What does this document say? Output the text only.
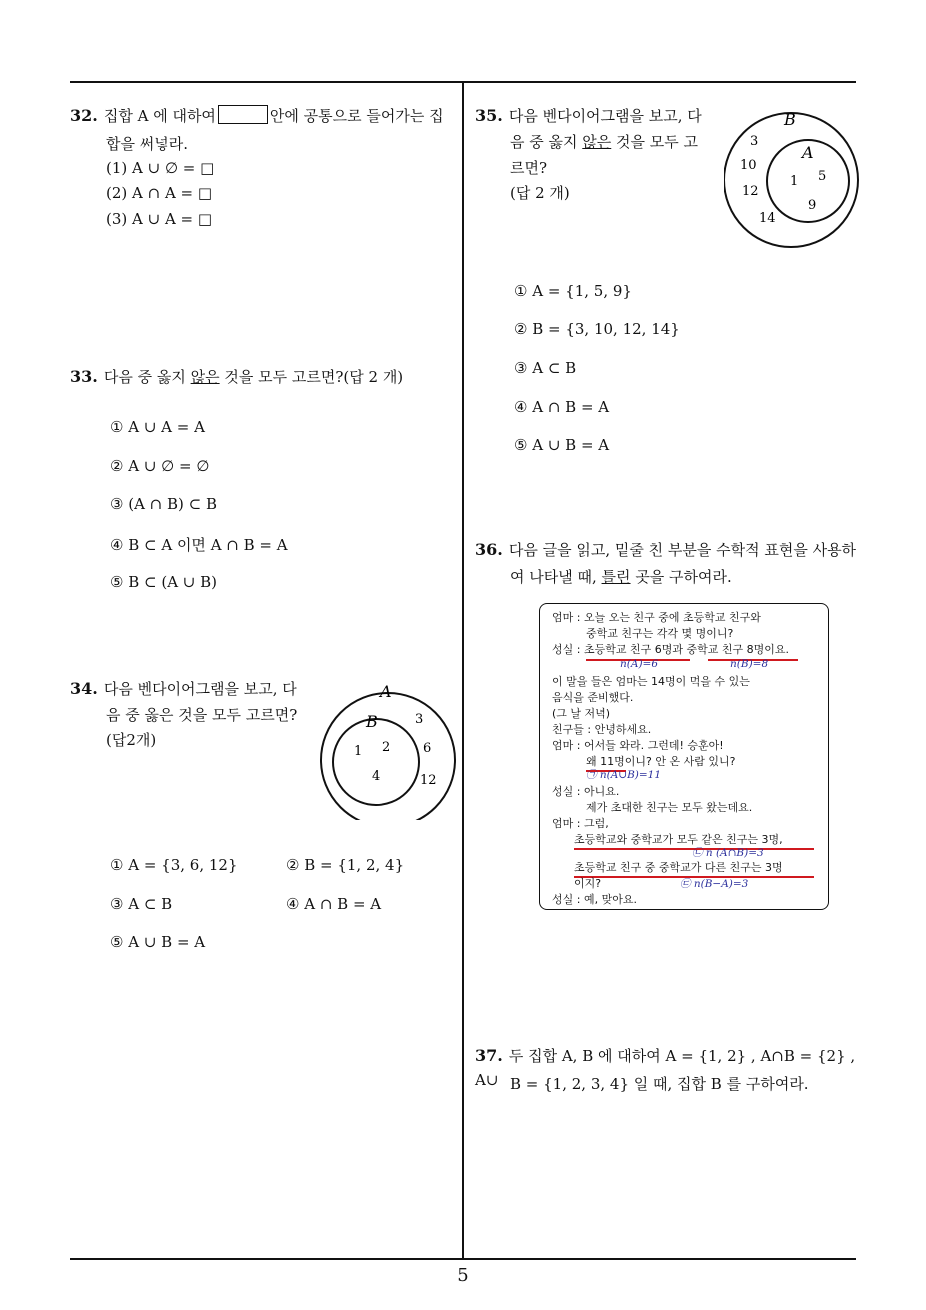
32. 집합 A 에 대하여	안에 공통으로 들어가는 집
합을 써넣라.
(1) A ∪ ∅ = □
(2) A ∩ A = □
(3) A ∪ A = □
33. 다음 중 옳지 않은 것을 모두 고르면?(답 2 개)
① A ∪ A = A
② A ∪ ∅ = ∅
③ (A ∩ B) ⊂ B
④ B ⊂ A 이면 A ∩ B = A
⑤ B ⊂ (A ∪ B)
34. 다음 벤다이어그램을 보고, 다
음 중 옳은 것을 모두 고르면?
(답2개)
A
B
1 2
4
3
6
12
① A = {3, 6, 12}	② B = {1, 2, 4}
③ A ⊂ B	④ A ∩ B = A
⑤ A ∪ B = A
35. 다음 벤다이어그램을 보고, 다
음 중 옳지 않은 것을 모두 고
르면?
(답 2 개)
B
A
1 5
9
3
10
12
14
① A = {1, 5, 9}
② B = {3, 10, 12, 14}
③ A ⊂ B
④ A ∩ B = A
⑤ A ∪ B = A
36. 다음 글을 읽고, 밑줄 친 부분을 수학적 표현을 사용하
여 나타낼 때, 틀린 곳을 구하여라.
엄마 : 오늘 오는 친구 중에 초등학교 친구와
중학교 친구는 각각 몇 명이니?
성실 : 초등학교 친구 6명과 중학교 친구 8명이요.
n(A)=6	n(B)=8
이 말을 들은 엄마는 14명이 먹을 수 있는
음식을 준비했다.
(그 날 저녁)
친구들 : 안녕하세요.
엄마 : 어서들 와라. 그런데! 승훈아!
왜 11명이니? 안 온 사람 있니?
㉠ n(A∪B)=11
성실 : 아니요.
제가 초대한 친구는 모두 왔는데요.
엄마 : 그럼,
초등학교와 중학교가 모두 같은 친구는 3명,
㉡ n (A∩B)=3
초등학교 친구 중 중학교가 다른 친구는 3명
이지?	㉢ n(B−A)=3
성실 : 예, 맞아요.
37. 두 집합 A, B 에 대하여 A = {1, 2} , A∩B = {2} , A∪ B = {1, 2, 3, 4} 일 때, 집합 B 를 구하여라.
5
